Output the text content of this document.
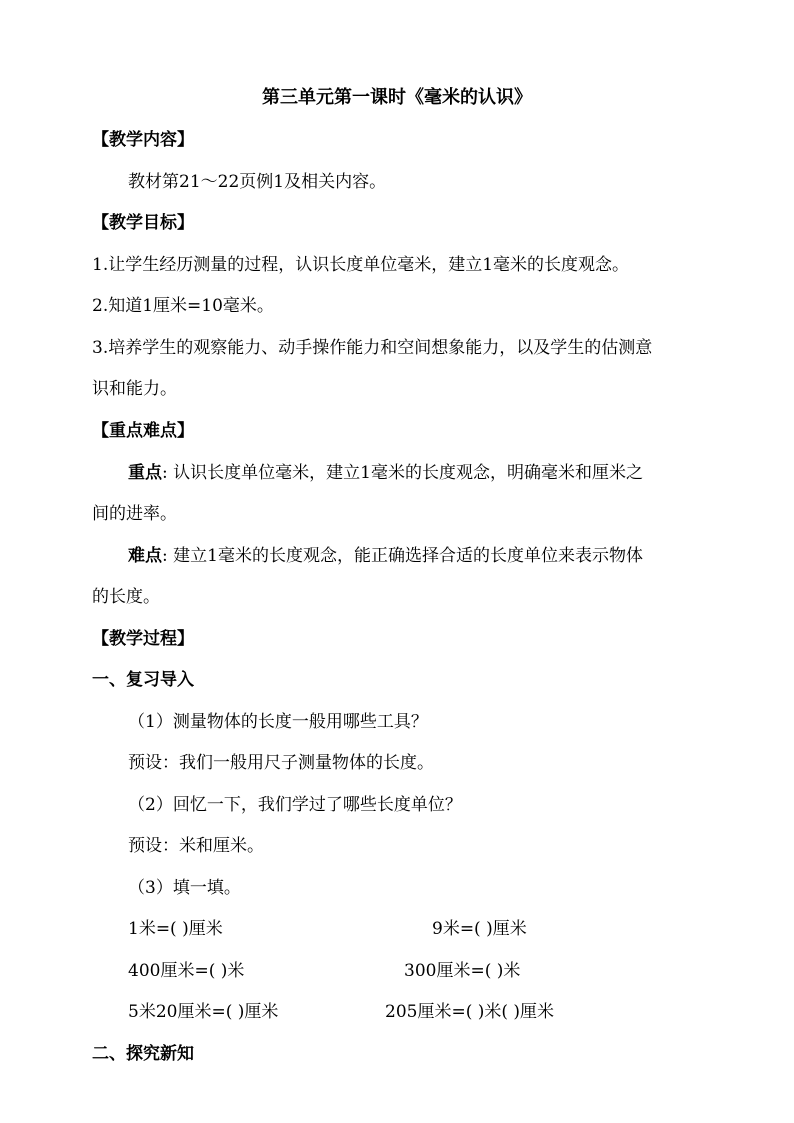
第三单元第一课时《毫米的认识》
【教学内容】
教材第21～22页例1及相关内容。
【教学目标】
1.让学生经历测量的过程，认识长度单位毫米，建立1毫米的长度观念。
2.知道1厘米=10毫米。
3.培养学生的观察能力、动手操作能力和空间想象能力，以及学生的估测意
识和能力。
【重点难点】
重点: 认识长度单位毫米，建立1毫米的长度观念，明确毫米和厘米之
间的进率。
难点: 建立1毫米的长度观念，能正确选择合适的长度单位来表示物体
的长度。
【教学过程】
一、复习导入
（1）测量物体的长度一般用哪些工具？
预设：我们一般用尺子测量物体的长度。
（2）回忆一下，我们学过了哪些长度单位？
预设：米和厘米。
（3）填一填。
1米=( )厘米	9米=( )厘米
400厘米=( )米	300厘米=( )米
5米20厘米=( )厘米	205厘米=( )米( )厘米
二、探究新知
